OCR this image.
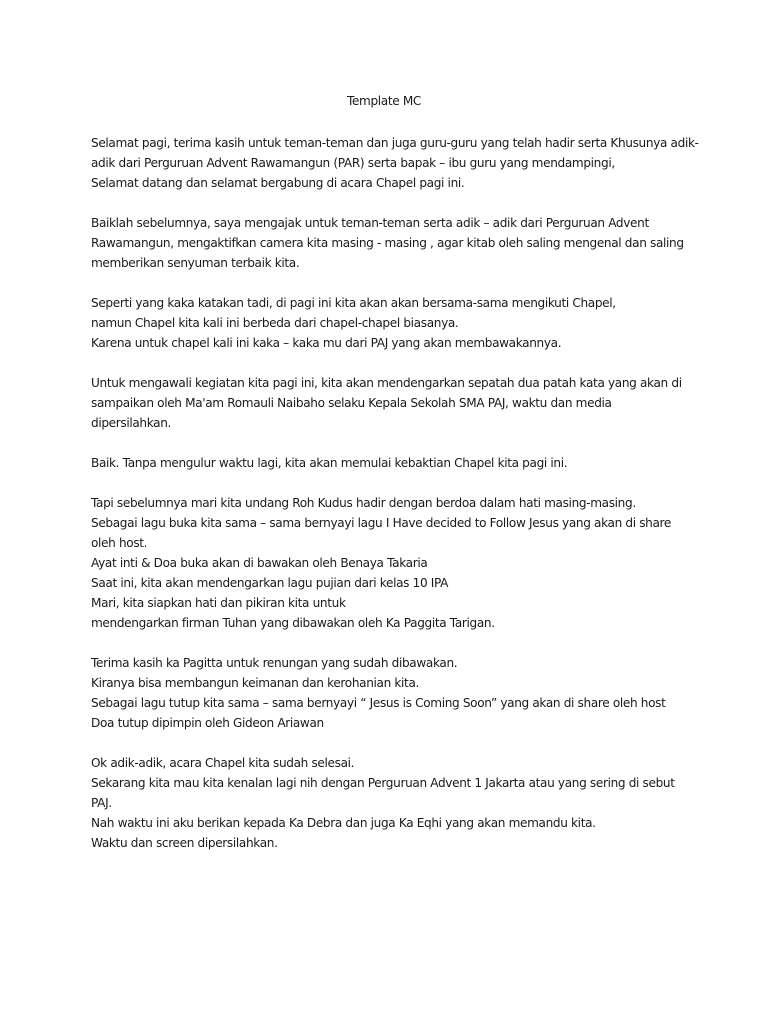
Template MC
Selamat pagi, terima kasih untuk teman-teman dan juga guru-guru yang telah hadir serta Khusunya adik-
adik dari Perguruan Advent Rawamangun (PAR) serta bapak – ibu guru yang mendampingi,
Selamat datang dan selamat bergabung di acara Chapel pagi ini.
Baiklah sebelumnya, saya mengajak untuk teman-teman serta adik – adik dari Perguruan Advent
Rawamangun, mengaktifkan camera kita masing - masing , agar kitab oleh saling mengenal dan saling
memberikan senyuman terbaik kita.
Seperti yang kaka katakan tadi, di pagi ini kita akan akan bersama-sama mengikuti Chapel,
namun Chapel kita kali ini berbeda dari chapel-chapel biasanya.
Karena untuk chapel kali ini kaka – kaka mu dari PAJ yang akan membawakannya.
Untuk mengawali kegiatan kita pagi ini, kita akan mendengarkan sepatah dua patah kata yang akan di
sampaikan oleh Ma'am Romauli Naibaho selaku Kepala Sekolah SMA PAJ, waktu dan media
dipersilahkan.
Baik. Tanpa mengulur waktu lagi, kita akan memulai kebaktian Chapel kita pagi ini.
Tapi sebelumnya mari kita undang Roh Kudus hadir dengan berdoa dalam hati masing-masing.
Sebagai lagu buka kita sama – sama bernyayi lagu I Have decided to Follow Jesus yang akan di share
oleh host.
Ayat inti & Doa buka akan di bawakan oleh Benaya Takaria
Saat ini, kita akan mendengarkan lagu pujian dari kelas 10 IPA
Mari, kita siapkan hati dan pikiran kita untuk
mendengarkan firman Tuhan yang dibawakan oleh Ka Paggita Tarigan.
Terima kasih ka Pagitta untuk renungan yang sudah dibawakan.
Kiranya bisa membangun keimanan dan kerohanian kita.
Sebagai lagu tutup kita sama – sama bernyayi “ Jesus is Coming Soon” yang akan di share oleh host
Doa tutup dipimpin oleh Gideon Ariawan
Ok adik-adik, acara Chapel kita sudah selesai.
Sekarang kita mau kita kenalan lagi nih dengan Perguruan Advent 1 Jakarta atau yang sering di sebut
PAJ.
Nah waktu ini aku berikan kepada Ka Debra dan juga Ka Eqhi yang akan memandu kita.
Waktu dan screen dipersilahkan.
